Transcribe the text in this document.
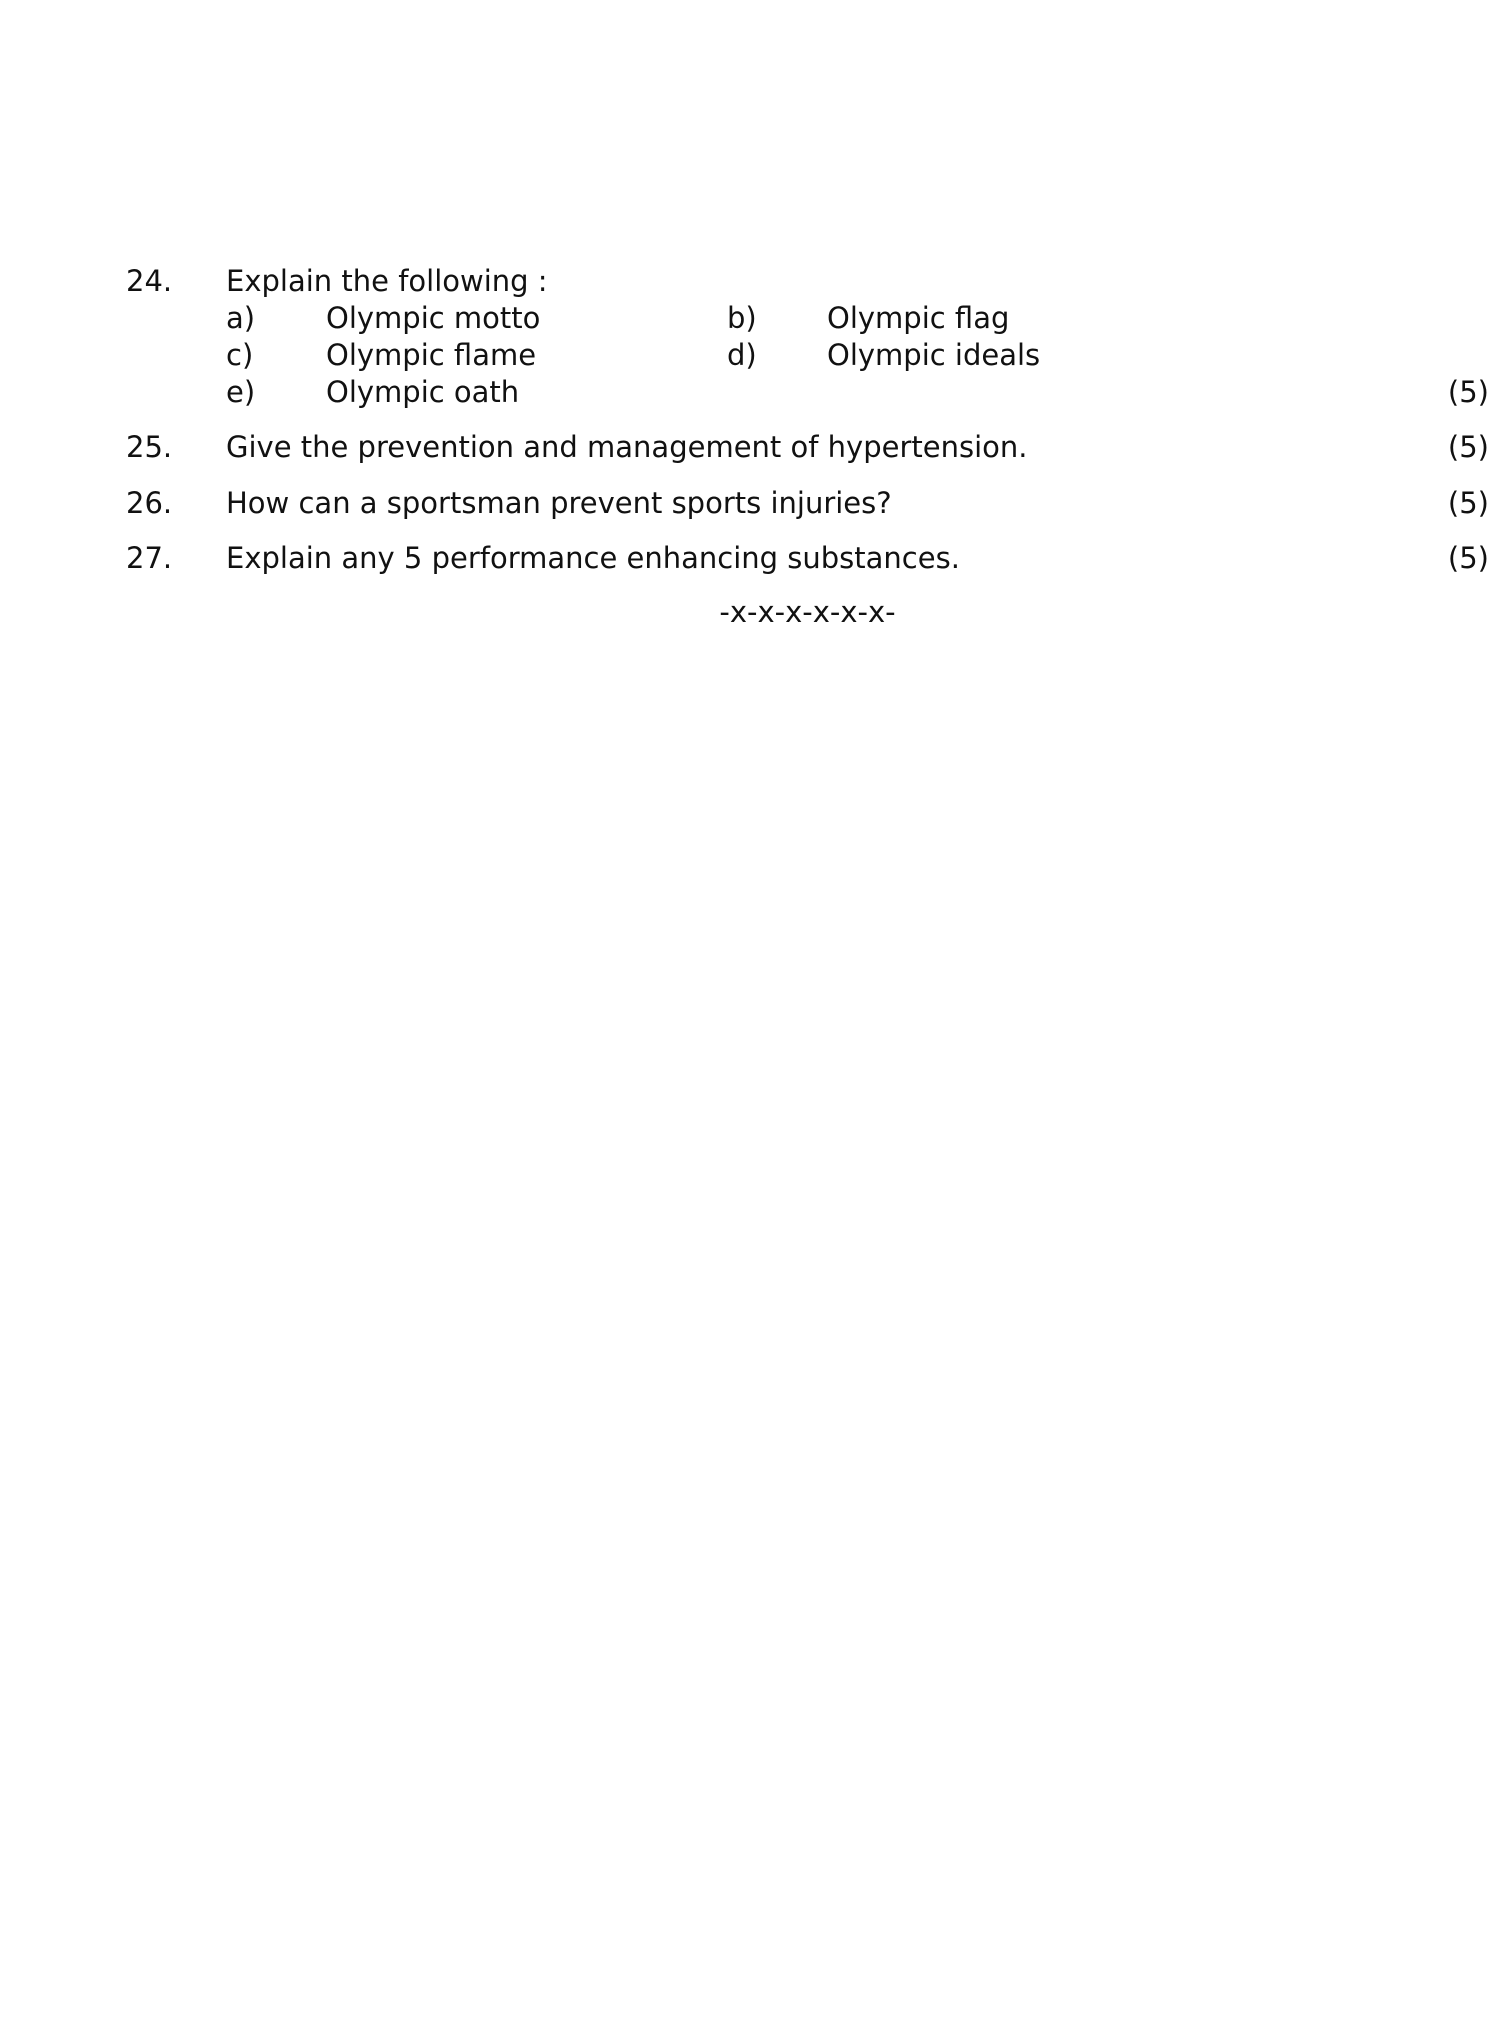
24. Explain the following :
a) Olympic motto	b) Olympic flag
c)	Olympic flame	d) Olympic ideals
e) Olympic oath	(5)
25. Give the prevention and management of hypertension.	(5)
26. How can a sportsman prevent sports injuries?	(5)
27. Explain any 5 performance enhancing substances.	(5)
-x-x-x-x-x-x-
